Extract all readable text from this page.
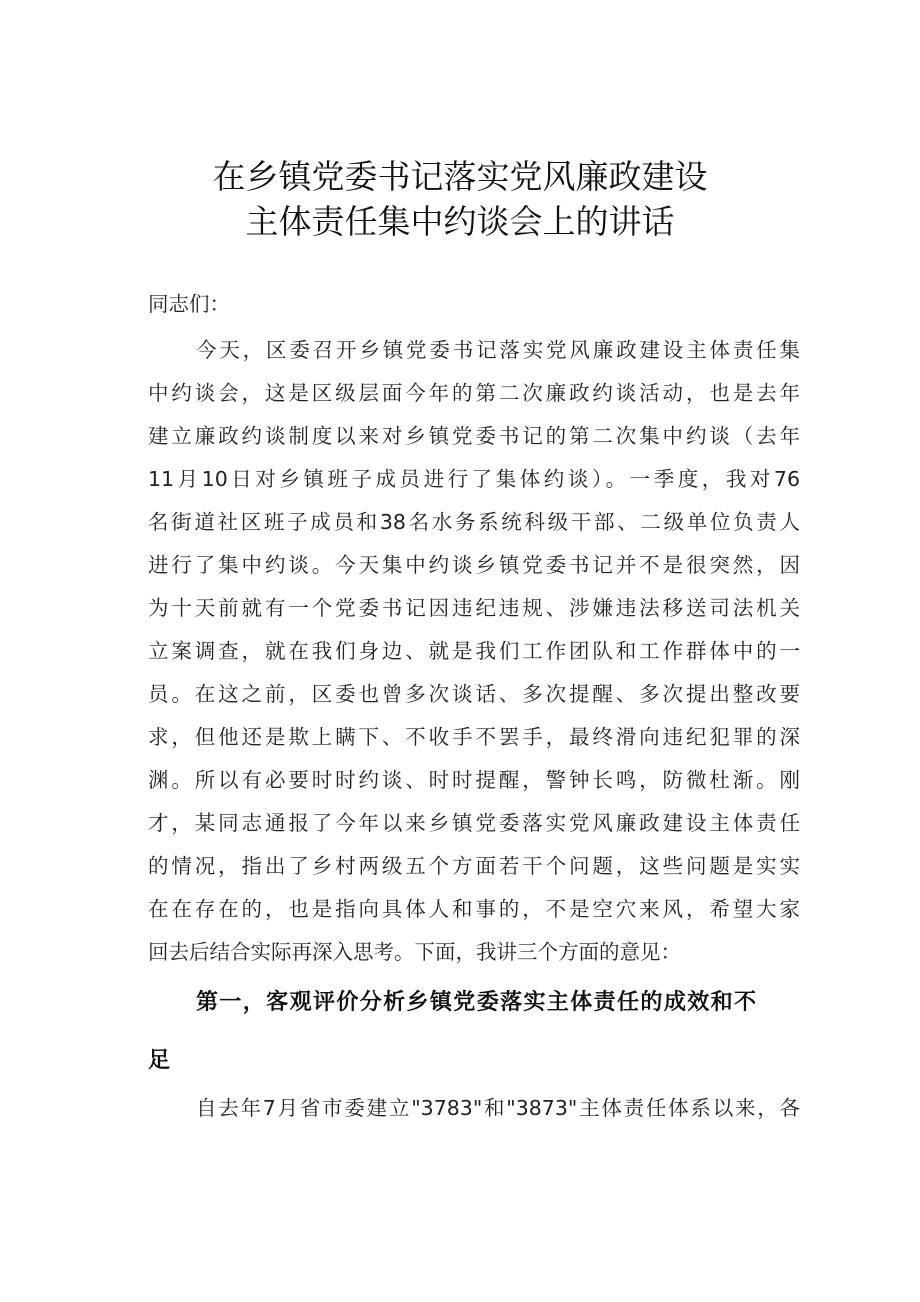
在乡镇党委书记落实党风廉政建设
主体责任集中约谈会上的讲话
同志们：
今天，区委召开乡镇党委书记落实党风廉政建设主体责任集
中约谈会，这是区级层面今年的第二次廉政约谈活动，也是去年
建立廉政约谈制度以来对乡镇党委书记的第二次集中约谈（去年
11月10日对乡镇班子成员进行了集体约谈）。一季度，我对76
名街道社区班子成员和38名水务系统科级干部、二级单位负责人
进行了集中约谈。今天集中约谈乡镇党委书记并不是很突然，因
为十天前就有一个党委书记因违纪违规、涉嫌违法移送司法机关
立案调查，就在我们身边、就是我们工作团队和工作群体中的一
员。在这之前，区委也曾多次谈话、多次提醒、多次提出整改要
求，但他还是欺上瞒下、不收手不罢手，最终滑向违纪犯罪的深
渊。所以有必要时时约谈、时时提醒，警钟长鸣，防微杜渐。刚
才，某同志通报了今年以来乡镇党委落实党风廉政建设主体责任
的情况，指出了乡村两级五个方面若干个问题，这些问题是实实
在在存在的，也是指向具体人和事的，不是空穴来风，希望大家
回去后结合实际再深入思考。下面，我讲三个方面的意见：
第一，客观评价分析乡镇党委落实主体责任的成效和不
足
自去年7月省市委建立"3783"和"3873"主体责任体系以来，各
